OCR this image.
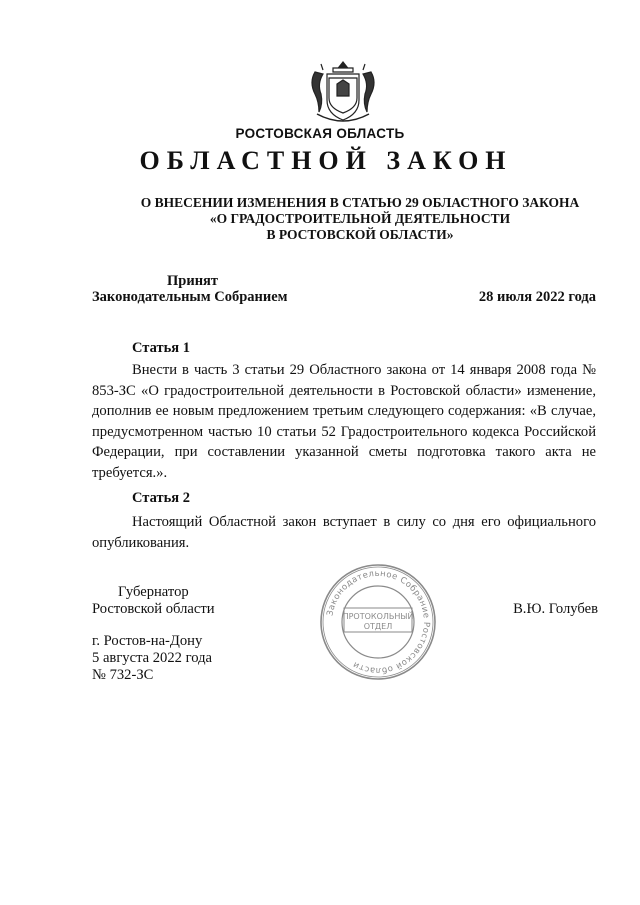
РОСТОВСКАЯ ОБЛАСТЬ
ОБЛАСТНОЙ ЗАКОН
О ВНЕСЕНИИ ИЗМЕНЕНИЯ В СТАТЬЮ 29 ОБЛАСТНОГО ЗАКОНА
«О ГРАДОСТРОИТЕЛЬНОЙ ДЕЯТЕЛЬНОСТИ
В РОСТОВСКОЙ ОБЛАСТИ»
Принят
Законодательным Собранием	28 июля 2022 года
Статья 1
Внести в часть 3 статьи 29 Областного закона от 14 января 2008 года № 853-ЗС «О градостроительной деятельности в Ростовской области» изменение, дополнив ее новым предложением третьим следующего содержания: «В случае, предусмотренном частью 10 статьи 52 Градостроительного кодекса Российской Федерации, при составлении указанной сметы подготовка такого акта не требуется.».
Статья 2
Настоящий Областной закон вступает в силу со дня его официального опубликования.
Губернатор
Ростовской области	В.Ю. Голубев
г. Ростов-на-Дону
5 августа 2022 года
№ 732-ЗС
Законодательное Собрание Ростовской области
ПРОТОКОЛЬНЫЙ
ОТДЕЛ
